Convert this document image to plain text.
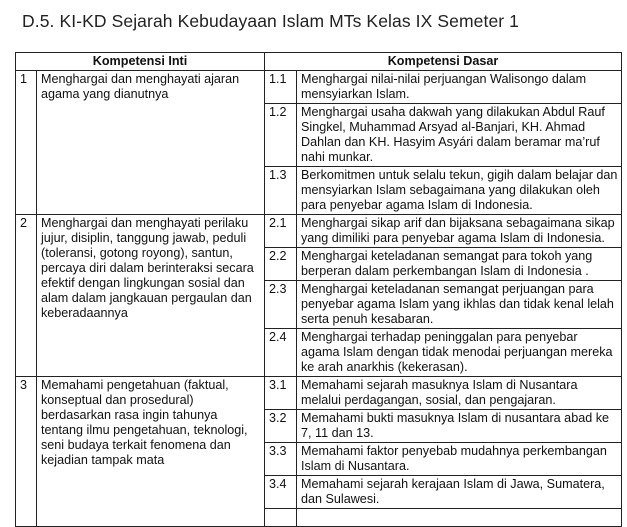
D.5. KI-KD Sejarah Kebudayaan Islam MTs Kelas IX Semeter 1
Kompetensi Inti		Kompetensi Dasar	
1	Menghargai dan menghayati ajaran agama yang dianutnya	1.1	Menghargai nilai-nilai perjuangan Walisongo dalam mensyiarkan Islam.
		1.2	Menghargai usaha dakwah yang dilakukan Abdul Rauf Singkel, Muhammad Arsyad al-Banjari, KH. Ahmad Dahlan dan KH. Hasyim Asyári dalam beramar ma’ruf nahi munkar.
		1.3	Berkomitmen untuk selalu tekun, gigih dalam belajar dan mensyiarkan Islam sebagaimana yang dilakukan oleh para penyebar agama Islam di Indonesia.
2	Menghargai dan menghayati perilaku jujur, disiplin, tanggung jawab, peduli (toleransi, gotong royong), santun, percaya diri dalam berinteraksi secara efektif dengan lingkungan sosial dan alam dalam jangkauan pergaulan dan keberadaannya	2.1	Menghargai sikap arif dan bijaksana sebagaimana sikap yang dimiliki para penyebar agama Islam di Indonesia.
		2.2	Menghargai keteladanan semangat para tokoh yang berperan dalam perkembangan Islam di Indonesia .
		2.3	Menghargai keteladanan semangat perjuangan para penyebar agama Islam yang ikhlas dan tidak kenal lelah serta penuh kesabaran.
		2.4	Menghargai terhadap peninggalan para penyebar agama Islam dengan tidak menodai perjuangan mereka ke arah anarkhis (kekerasan).
3	Memahami pengetahuan (faktual, konseptual dan prosedural) berdasarkan rasa ingin tahunya tentang ilmu pengetahuan, teknologi, seni budaya terkait fenomena dan kejadian tampak mata	3.1	Memahami sejarah masuknya Islam di Nusantara melalui perdagangan, sosial, dan pengajaran.
		3.2	Memahami bukti masuknya Islam di nusantara abad ke 7, 11 dan 13.
		3.3	Memahami faktor penyebab mudahnya perkembangan Islam di Nusantara.
		3.4	Memahami sejarah kerajaan Islam di Jawa, Sumatera, dan Sulawesi.
